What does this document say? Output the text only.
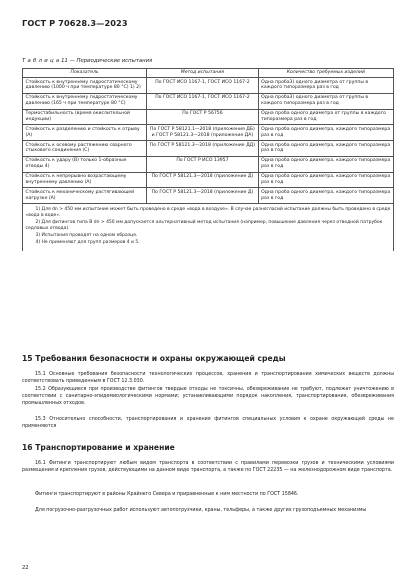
ГОСТ Р 70628.3—2023
Т а б л и ц а 11 — Периодические испытания
Показатель	Метод испытания	Количество требуемых изделий
Стойкость к внутреннему гидростатическому давлению (1000 ч при температуре 80 °С) 1) 2)	По ГОСТ ИСО 1167-1, ГОСТ ИСО 1167-2	Одна проба3) одного диаметра от группы в каждого типоразмера раз в год
Стойкость к внутреннему гидростатическому давлению (165 ч при температуре 80 °С)	По ГОСТ ИСО 1167-1, ГОСТ ИСО 1167-2	Одна проба3) одного диаметра от группы в каждого типоразмера раз в год
Термостабильность (время окислительной индукции)	По ГОСТ Р 56756	Одна проба одного диаметра от группы в каждого типоразмера раз в год
Стойкость к разделению и стойкость к отрыву (А)	По ГОСТ Р 58121.1—2018 (приложения ДБ) и ГОСТ Р 58121.3—2018 (приложение ДА)	Одна проба одного диаметра, каждого типоразмера раз в год
Стойкость к осевому растяжению сварного стыкового соединения (С)	По ГОСТ Р 58121.3—2018 (приложение ДД)	Одна проба одного диаметра, каждого типоразмера раз в год
Стойкость к удару (В) только 1-образные отводы 4)	По ГОСТ Р ИСО 13957	Одна проба одного диаметра, каждого типоразмера раз в год
Стойкость к непрерывно возрастающему внутреннему давлению (А)	По ГОСТ Р 58121.3—2018 (приложение Д)	Одна проба одного диаметра, каждого типоразмера раз в год
Стойкость к механическому растягивающей нагрузке (А)	По ГОСТ Р 58121.3—2018 (приложение Д)	Одна проба одного диаметра, каждого типоразмера раз в год

1) Для dn > 450 мм испытание может быть проведено в среде «вода в воздухе». В случае разногласий испытание должны быть проведено в среде «вода в воде».
2) Для фитингов типа В dn > 450 мм допускается альтернативный метод испытания (например, повышение давления через отводной патрубок седловых отвода).
3) Испытания проводят на одном образце.
4) Не применяют для групп размеров 4 и 5.		
15 Требования безопасности и охраны окружающей среды
15.1 Основные требования безопасности технологических процессов, хранения и транспортирования химических веществ должны соответствовать приведенным в ГОСТ 12.3.030.
15.2 Образующиеся при производстве фитингов твердые отходы не токсичны, обезвреживание не требуют, подлежат уничтожению в соответствии с санитарно-эпидемиологическими нормами; устанавливающими порядок накопления, транспортирования, обезвреживания промышленных отходов.
15.3 Относительно способности, транспортирования и хранения фитингов специальных условия к охране окружающей среды не применяются
16 Транспортирование и хранение
16.1 Фитинги транспортируют любым видом транспорта в соответствии с правилами перевозки грузов и техническими условиями размещения и крепления грузов, действующими на данном виде транспорта, а также по ГОСТ 22235 — на железнодорожном виде транспорта.
Фитинги транспортируют в районы Крайнего Севера и приравненные к ним местности по ГОСТ 15846.
Для погрузочно-разгрузочных работ используют автопогрузчики, краны, тельферы, а также других грузоподъемных механизмы
22
